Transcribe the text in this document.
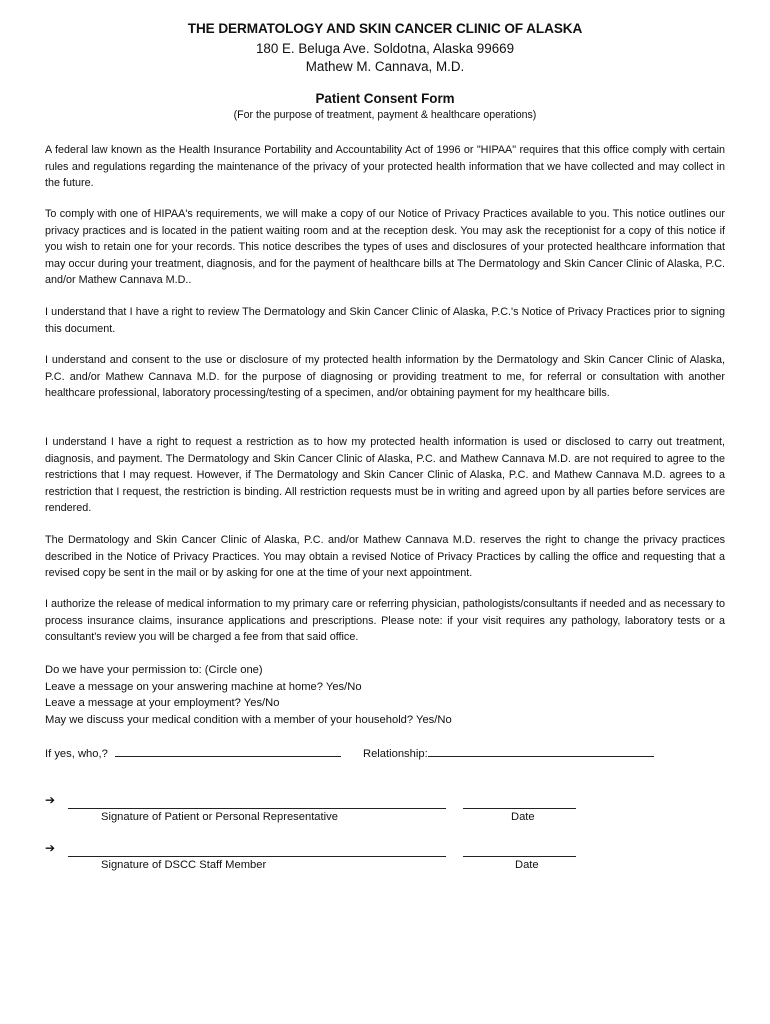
THE DERMATOLOGY AND SKIN CANCER CLINIC OF ALASKA
180 E. Beluga Ave. Soldotna, Alaska 99669
Mathew M. Cannava, M.D.
Patient Consent Form
(For the purpose of treatment, payment & healthcare operations)

A federal law known as the Health Insurance Portability and Accountability Act of 1996 or "HIPAA" requires that this office comply with certain rules and regulations regarding the maintenance of the privacy of your protected health information that we have collected and may collect in the future.

To comply with one of HIPAA's requirements, we will make a copy of our Notice of Privacy Practices available to you. This notice outlines our privacy practices and is located in the patient waiting room and at the reception desk. You may ask the receptionist for a copy of this notice if you wish to retain one for your records. This notice describes the types of uses and disclosures of your protected healthcare information that may occur during your treatment, diagnosis, and for the payment of healthcare bills at The Dermatology and Skin Cancer Clinic of Alaska, P.C. and/or Mathew Cannava M.D..

I understand that I have a right to review The Dermatology and Skin Cancer Clinic of Alaska, P.C.'s Notice of Privacy Practices prior to signing this document.

I understand and consent to the use or disclosure of my protected health information by the Dermatology and Skin Cancer Clinic of Alaska, P.C. and/or Mathew Cannava M.D. for the purpose of diagnosing or providing treatment to me, for referral or consultation with another healthcare professional, laboratory processing/testing of a specimen, and/or obtaining payment for my healthcare bills.

I understand I have a right to request a restriction as to how my protected health information is used or disclosed to carry out treatment, diagnosis, and payment. The Dermatology and Skin Cancer Clinic of Alaska, P.C. and Mathew Cannava M.D. are not required to agree to the restrictions that I may request. However, if The Dermatology and Skin Cancer Clinic of Alaska, P.C. and Mathew Cannava M.D. agrees to a restriction that I request, the restriction is binding. All restriction requests must be in writing and agreed upon by all parties before services are rendered.

The Dermatology and Skin Cancer Clinic of Alaska, P.C. and/or Mathew Cannava M.D. reserves the right to change the privacy practices described in the Notice of Privacy Practices. You may obtain a revised Notice of Privacy Practices by calling the office and requesting that a revised copy be sent in the mail or by asking for one at the time of your next appointment.

I authorize the release of medical information to my primary care or referring physician, pathologists/consultants if needed and as necessary to process insurance claims, insurance applications and prescriptions. Please note: if your visit requires any pathology, laboratory tests or a consultant's review you will be charged a fee from that said office.

Do we have your permission to: (Circle one)
Leave a message on your answering machine at home? Yes/No
Leave a message at your employment? Yes/No
May we discuss your medical condition with a member of your household? Yes/No
If yes, who,?	Relationship:
➔
Signature of Patient or Personal Representative	Date
➔
Signature of DSCC Staff Member	Date
